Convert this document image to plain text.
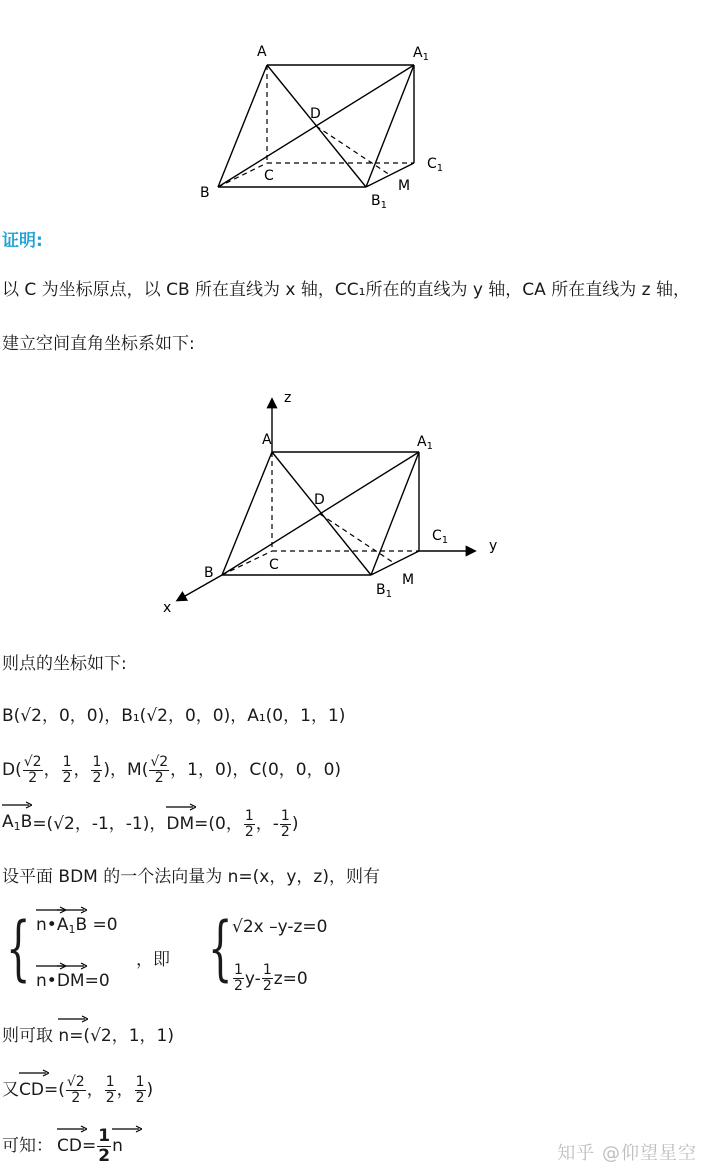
A	$A_1$
D
C
$C_1$
B	M
$B_1$
证明:
以 C 为坐标原点，以 CB 所在直线为 x 轴，CC₁所在的直线为 y 轴，CA 所在直线为 z 轴，
建立空间直角坐标系如下:
z
y
x
A	$A_1$
D
C
$C_1$
B	M
$B_1$
则点的坐标如下:
B(√2，0，0)，B₁(√2，0，0)，A₁(0，1，1)
$D( \frac{√2}{2}$ ， $\frac{1}{2}$ ， $\frac{1}{2}$ )，$M( \frac{√2}{2}$ ，1，0)，C(0，0，0)
$A_1B =(√2$，-1，-1)， DM =(0， $\frac{1}{2}$ ，- $\frac{1}{2}$ )
设平面 BDM 的一个法向量为 n=(x，y，z)，则有
{ n
$•A_1B$
=0
n
•DM
=0
，即 { √2x –y-z=0
$\frac{1}{2} y- \frac{1}{2} z=0$
则可取 n
=(√2，1，1)
又 CD =( $\frac{√2}{2}$ ， $\frac{1}{2}$ ， $\frac{1}{2}$ )
可知： CD = $\frac{1}{2}$ n	知乎 @仰望星空
